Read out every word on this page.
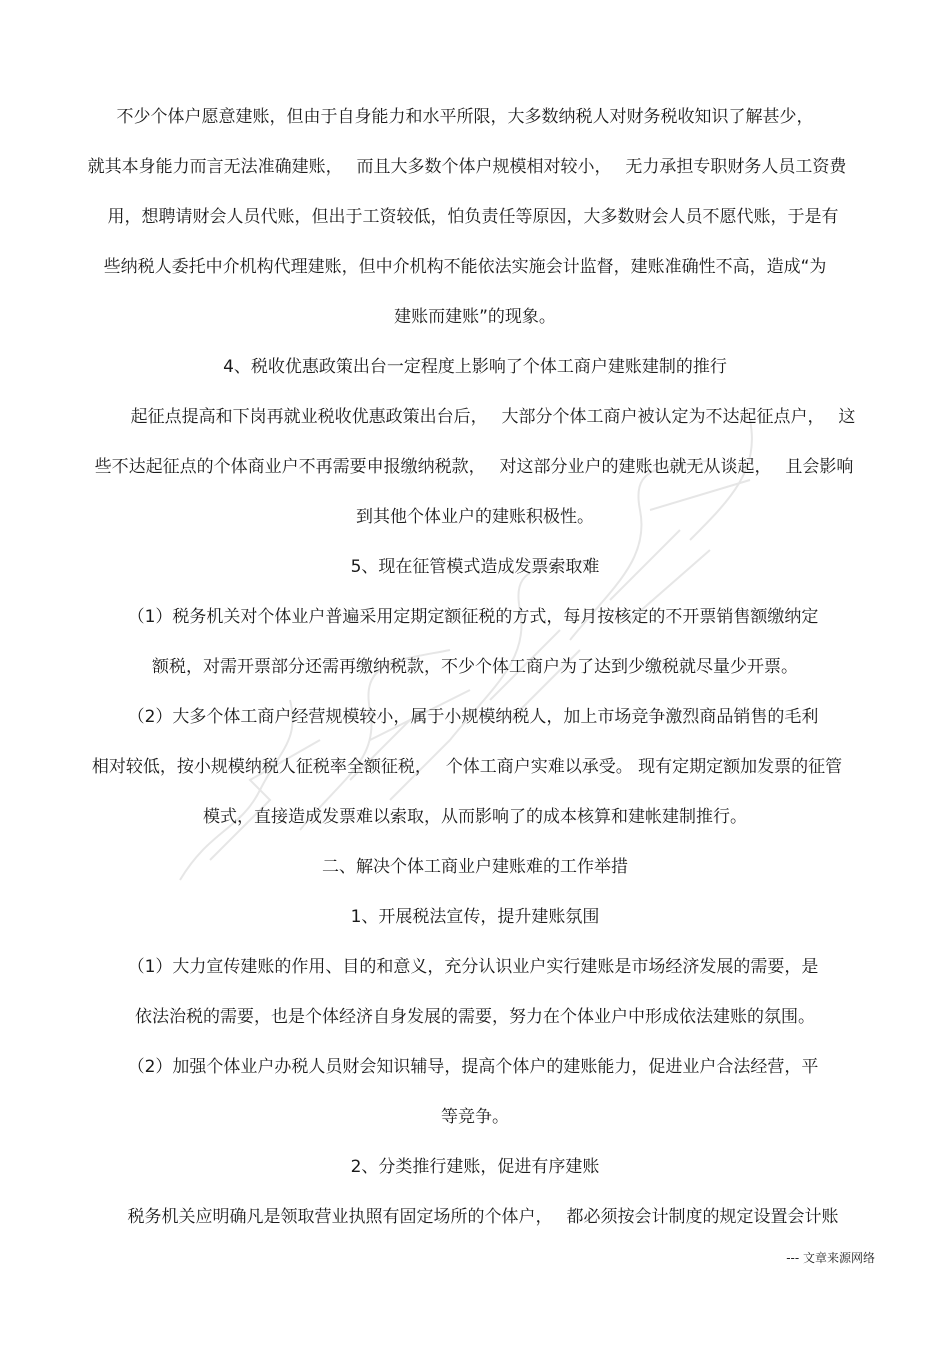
不少个体户愿意建账，但由于自身能力和水平所限，大多数纳税人对财务税收知识了解甚少，
就其本身能力而言无法准确建账，　 而且大多数个体户规模相对较小，　 无力承担专职财务人员工资费
用，想聘请财会人员代账，但出于工资较低，怕负责任等原因，大多数财会人员不愿代账，于是有
些纳税人委托中介机构代理建账，但中介机构不能依法实施会计监督，建账准确性不高，造成“为
建账而建账”的现象。
4、税收优惠政策出台一定程度上影响了个体工商户建账建制的推行
起征点提高和下岗再就业税收优惠政策出台后，　 大部分个体工商户被认定为不达起征点户，　 这
些不达起征点的个体商业户不再需要申报缴纳税款，　 对这部分业户的建账也就无从谈起，　 且会影响
到其他个体业户的建账积极性。
5、现在征管模式造成发票索取难
（1）税务机关对个体业户普遍采用定期定额征税的方式，每月按核定的不开票销售额缴纳定
额税，对需开票部分还需再缴纳税款，不少个体工商户为了达到少缴税就尽量少开票。
（2）大多个体工商户经营规模较小，属于小规模纳税人，加上市场竞争激烈商品销售的毛利
相对较低，按小规模纳税人征税率全额征税，　 个体工商户实难以承受。 现有定期定额加发票的征管
模式，直接造成发票难以索取，从而影响了的成本核算和建帐建制推行。
二、解决个体工商业户建账难的工作举措
1、开展税法宣传，提升建账氛围
（1）大力宣传建账的作用、目的和意义，充分认识业户实行建账是市场经济发展的需要，是
依法治税的需要，也是个体经济自身发展的需要，努力在个体业户中形成依法建账的氛围。
（2）加强个体业户办税人员财会知识辅导，提高个体户的建账能力，促进业户合法经营，平
等竞争。
2、分类推行建账，促进有序建账
税务机关应明确凡是领取营业执照有固定场所的个体户，　 都必须按会计制度的规定设置会计账
--- 文章来源网络
